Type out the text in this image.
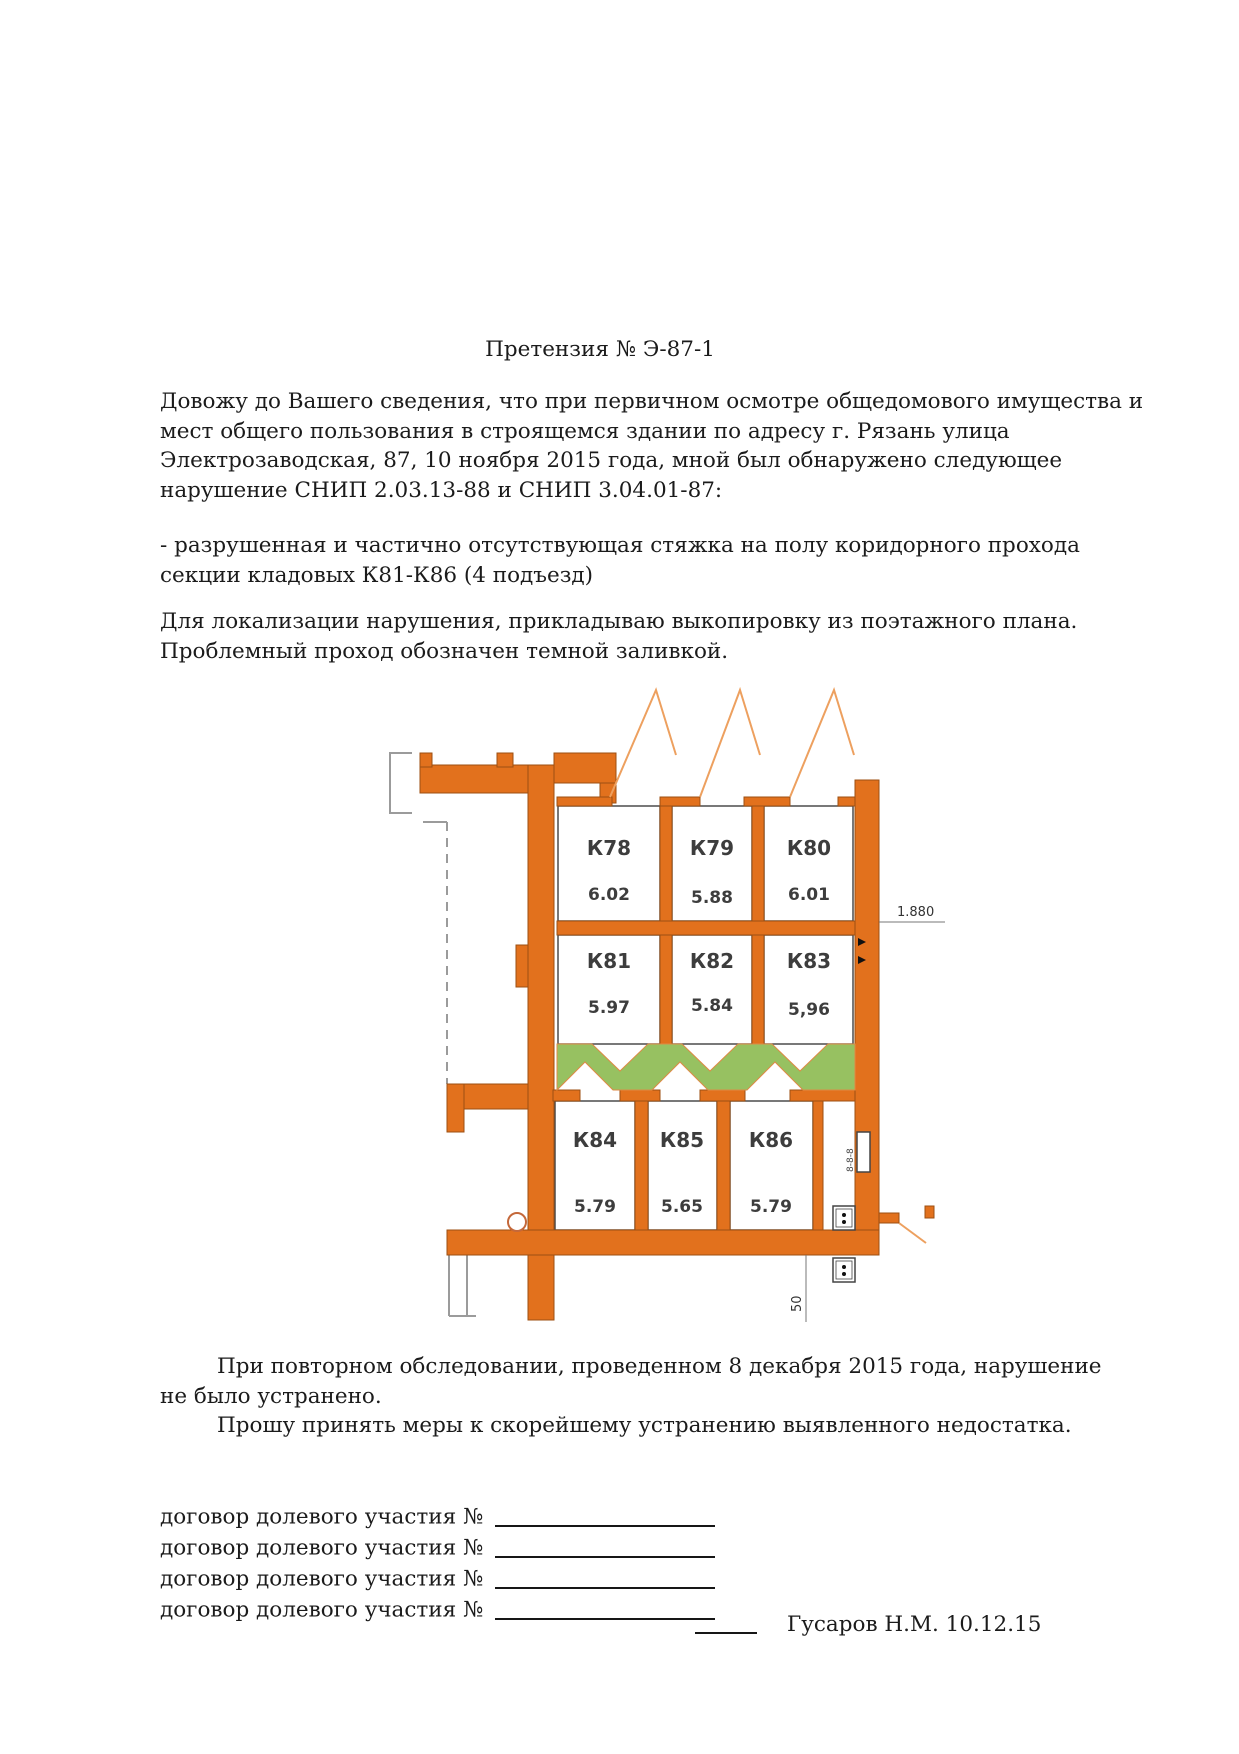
Претензия № Э-87-1
Довожу до Вашего сведения, что при первичном осмотре общедомового имущества и
мест общего пользования в строящемся здании по адресу г. Рязань улица
Электрозаводская, 87, 10 ноября 2015 года, мной был обнаружено следующее
нарушение СНИП 2.03.13-88 и СНИП 3.04.01-87:
- разрушенная и частично отсутствующая стяжка на полу коридорного прохода
секции кладовых К81-К86 (4 подъезд)
Для локализации нарушения, прикладываю выкопировку из поэтажного плана.
Проблемный проход обозначен темной заливкой.
8-8-8
1.880
50
К78
6.02
К79
5.88
К80
6.01
К81
5.97
К82
5.84
К83
5,96
К84
5.79
К85
5.65
К86
5.79
При повторном обследовании, проведенном 8 декабря 2015 года, нарушение
не было устранено.
Прошу принять меры к скорейшему устранению выявленного недостатка.
договор долевого участия №
договор долевого участия №
договор долевого участия №
договор долевого участия №
Гусаров Н.М. 10.12.15
